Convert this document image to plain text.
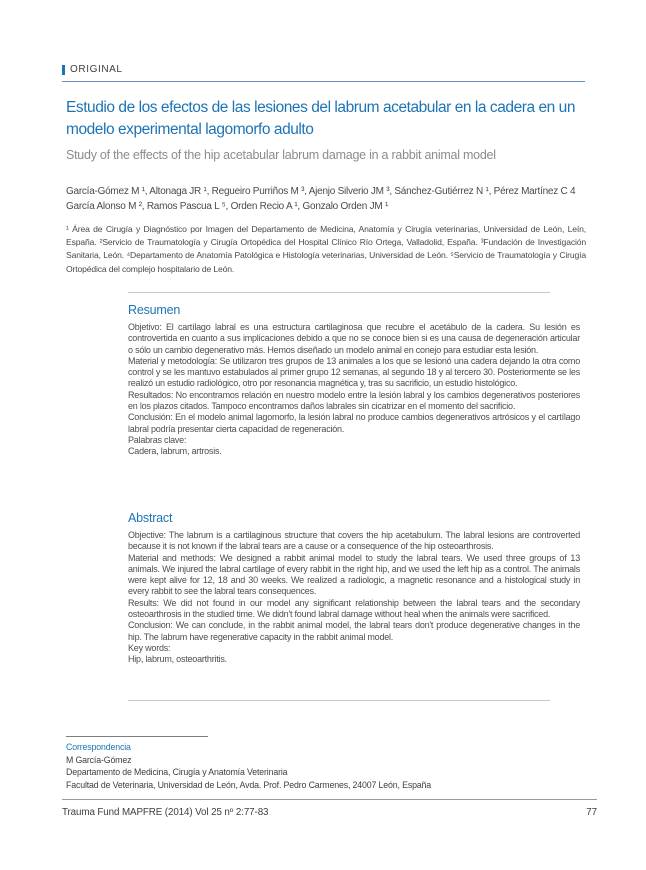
ORIGINAL
Estudio de los efectos de las lesiones del labrum acetabular en la cadera en un modelo experimental lagomorfo adulto
Study of the effects of the hip acetabular labrum damage in a rabbit animal model
García-Gómez M ¹, Altonaga JR ¹, Regueiro Purriños M ³, Ajenjo Silverio JM ³, Sánchez-Gutiérrez N ¹, Pérez Martínez C 4
García Alonso M ², Ramos Pascua L ⁵, Orden Recio A ¹, Gonzalo Orden JM ¹
¹ Área de Cirugía y Diagnóstico por Imagen del Departamento de Medicina, Anatomía y Cirugía veterinarias, Universidad de León, Leín, España. ²Servicio de Traumatología y Cirugía Ortopédica del Hospital Clínico Río Ortega, Valladolid, España. ³Fundación de Investigación Sanitaria, León. ⁴Departamento de Anatomía Patológica e Histología veterinarias, Universidad de León. ⁵Servicio de Traumatología y Cirugía Ortopédica del complejo hospitalario de León.
Resumen

Objetivo: El cartílago labral es una estructura cartilaginosa que recubre el acetábulo de la cadera. Su lesión es controvertida en cuanto a sus implicaciones debido a que no se conoce bien si es una causa de degeneración articular o sólo un cambio degenerativo más. Hemos diseñado un modelo animal en conejo para estudiar esta lesión.

Material y metodología: Se utilizaron tres grupos de 13 animales a los que se lesionó una cadera dejando la otra como control y se les mantuvo estabulados al primer grupo 12 semanas, al segundo 18 y al tercero 30. Posteriormente se les realizó un estudio radiológico, otro por resonancia magnética y, tras su sacrificio, un estudio histológico.

Resultados: No encontramos relación en nuestro modelo entre la lesión labral y los cambios degenerativos posteriores en los plazos citados. Tampoco encontramos daños labrales sin cicatrizar en el momento del sacrificio.

Conclusión: En el modelo animal lagomorfo, la lesión labral no produce cambios degenerativos artrósicos y el cartílago labral podría presentar cierta capacidad de regeneración.

Palabras clave:

Cadera, labrum, artrosis.

Abstract

Objective: The labrum is a cartilaginous structure that covers the hip acetabulum. The labral lesions are controverted because it is not known if the labral tears are a cause or a consequence of the hip osteoarthrosis.

Material and methods: We designed a rabbit animal model to study the labral tears. We used three groups of 13 animals. We injured the labral cartilage of every rabbit in the right hip, and we used the left hip as a control. The animals were kept alive for 12, 18 and 30 weeks. We realized a radiologic, a magnetic resonance and a histological study in every rabbit to see the labral tears consequences.

Results: We did not found in our model any significant relationship between the labral tears and the secondary osteoarthrosis in the studied time. We didn't found labral damage without heal when the animals were sacrificed.

Conclusion: We can conclude, in the rabbit animal model, the labral tears don't produce degenerative changes in the hip. The labrum have regenerative capacity in the rabbit animal model.

Key words:

Hip, labrum, osteoarthritis.

Correspondencia
M García-Gómez
Departamento de Medicina, Cirugía y Anatomía Veterinaria
Facultad de Veterinaria, Universidad de León, Avda. Prof. Pedro Carmenes, 24007 León, España
Trauma Fund MAPFRE (2014) Vol 25 nº 2:77-83	77
